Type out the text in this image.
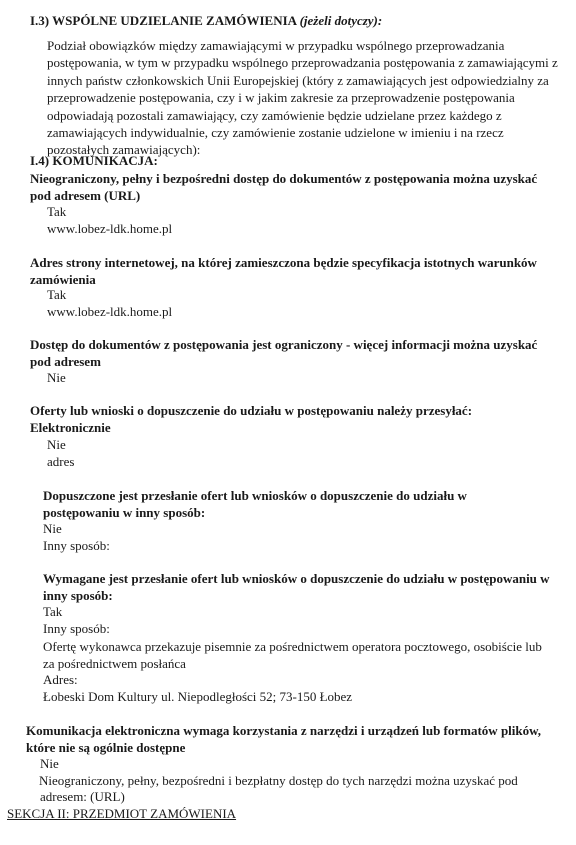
I.3) WSPÓLNE UDZIELANIE ZAMÓWIENIA (jeżeli dotyczy):

Podział obowiązków między zamawiającymi w przypadku wspólnego przeprowadzania postępowania, w tym w przypadku wspólnego przeprowadzania postępowania z zamawiającymi z innych państw członkowskich Unii Europejskiej (który z zamawiających jest odpowiedzialny za przeprowadzenie postępowania, czy i w jakim zakresie za przeprowadzenie postępowania odpowiadają pozostali zamawiający, czy zamówienie będzie udzielane przez każdego z zamawiających indywidualnie, czy zamówienie zostanie udzielone w imieniu i na rzecz pozostałych zamawiających):

I.4) KOMUNIKACJA:

Nieograniczony, pełny i bezpośredni dostęp do dokumentów z postępowania można uzyskać pod adresem (URL)

Tak

www.lobez-ldk.home.pl

Adres strony internetowej, na której zamieszczona będzie specyfikacja istotnych warunków zamówienia

Tak

www.lobez-ldk.home.pl

Dostęp do dokumentów z postępowania jest ograniczony - więcej informacji można uzyskać pod adresem

Nie

Oferty lub wnioski o dopuszczenie do udziału w postępowaniu należy przesyłać:

Elektronicznie

Nie

adres

Dopuszczone jest przesłanie ofert lub wniosków o dopuszczenie do udziału w postępowaniu w inny sposób:

Nie

Inny sposób:

Wymagane jest przesłanie ofert lub wniosków o dopuszczenie do udziału w postępowaniu w inny sposób:

Tak

Inny sposób:

Ofertę wykonawca przekazuje pisemnie za pośrednictwem operatora pocztowego, osobiście lub za pośrednictwem posłańca

Adres:

Łobeski Dom Kultury ul. Niepodległości 52; 73-150 Łobez

Komunikacja elektroniczna wymaga korzystania z narzędzi i urządzeń lub formatów plików, które nie są ogólnie dostępne

Nie

Nieograniczony, pełny, bezpośredni i bezpłatny dostęp do tych narzędzi można uzyskać pod adresem: (URL)

SEKCJA II: PRZEDMIOT ZAMÓWIENIA
